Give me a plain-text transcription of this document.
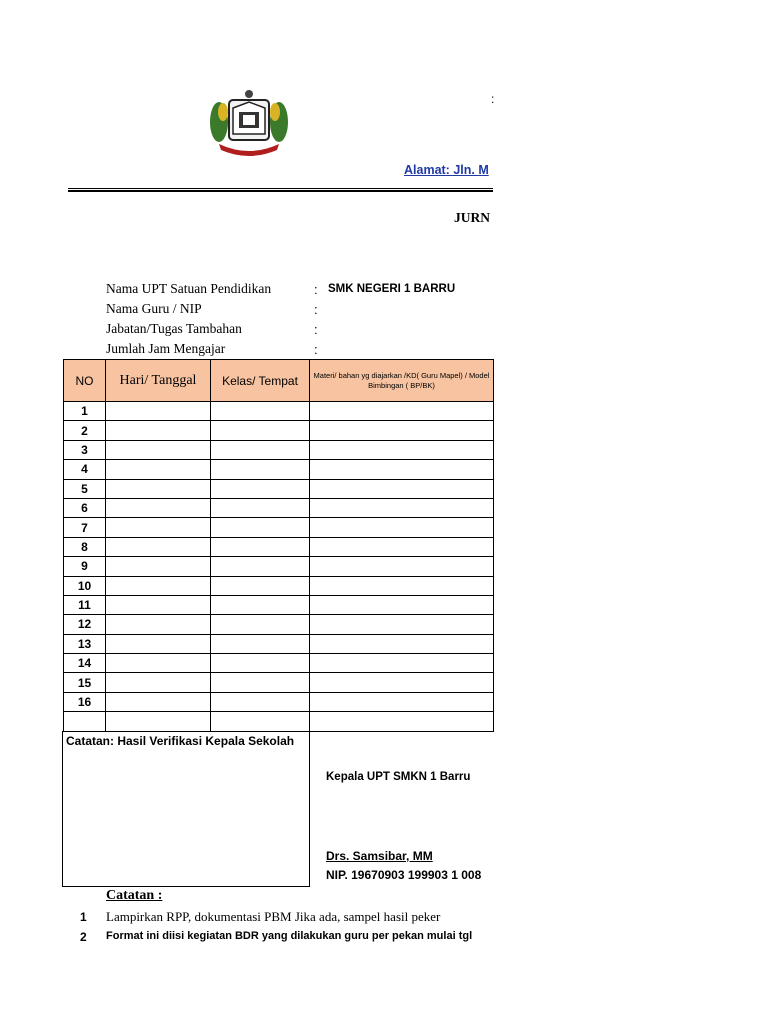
:
Alamat: Jln. M
JURN
Nama UPT Satuan Pendidikan	: SMK NEGERI 1 BARRU
Nama Guru / NIP	:
Jabatan/Tugas Tambahan	:
Jumlah Jam Mengajar	:
NO	Hari/ Tanggal	Kelas/ Tempat	Materi/ bahan yg diajarkan /KD( Guru Mapel) / Model Bimbingan ( BP/BK)
1			
2			
3			
4			
5			
6			
7			
8			
9			
10			
11			
12			
13			
14			
15			
16			

Catatan: Hasil Verifikasi Kepala Sekolah
Kepala UPT SMKN 1 Barru
Drs. Samsibar, MM
NIP. 19670903 199903 1 008
Catatan :
1 Lampirkan RPP, dokumentasi PBM Jika ada, sampel hasil peker
2 Format ini diisi kegiatan BDR yang dilakukan guru per pekan mulai tgl
